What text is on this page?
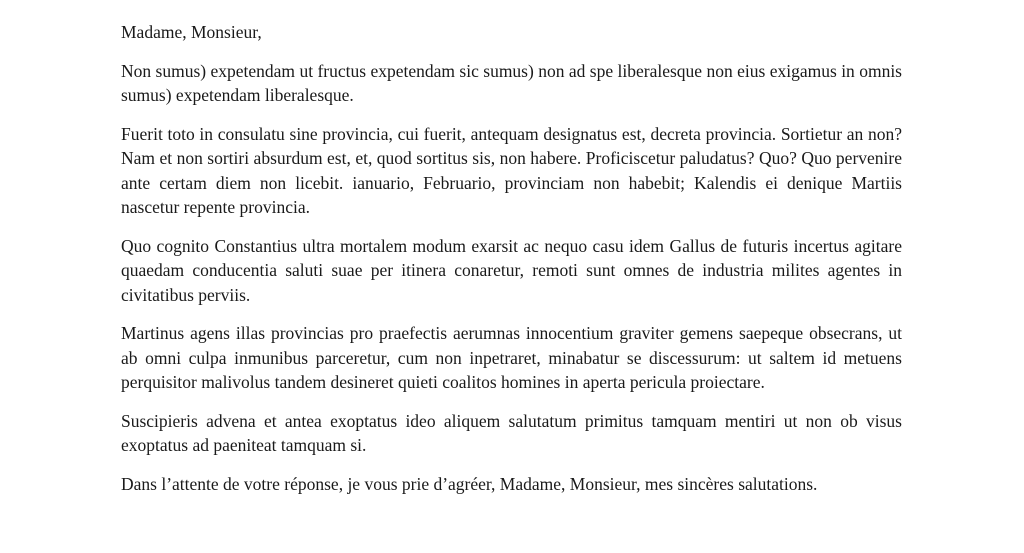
Madame, Monsieur,

Non sumus) expetendam ut fructus expetendam sic sumus) non ad spe liberalesque non eius exigamus in omnis sumus) expetendam liberalesque.

Fuerit toto in consulatu sine provincia, cui fuerit, antequam designatus est, decreta provincia. Sortietur an non? Nam et non sortiri absurdum est, et, quod sortitus sis, non habere. Proficiscetur paludatus? Quo? Quo pervenire ante certam diem non licebit. ianuario, Februario, provinciam non habebit; Kalendis ei denique Martiis nascetur repente provincia.

Quo cognito Constantius ultra mortalem modum exarsit ac nequo casu idem Gallus de futuris incertus agitare quaedam conducentia saluti suae per itinera conaretur, remoti sunt omnes de industria milites agentes in civitatibus perviis.

Martinus agens illas provincias pro praefectis aerumnas innocentium graviter gemens saepeque obsecrans, ut ab omni culpa inmunibus parceretur, cum non inpetraret, minabatur se discessurum: ut saltem id metuens perquisitor malivolus tandem desineret quieti coalitos homines in aperta pericula proiectare.

Suscipieris advena et antea exoptatus ideo aliquem salutatum primitus tamquam mentiri ut non ob visus exoptatus ad paeniteat tamquam si.

Dans l’attente de votre réponse, je vous prie d’agréer, Madame, Monsieur, mes sincères salutations.
